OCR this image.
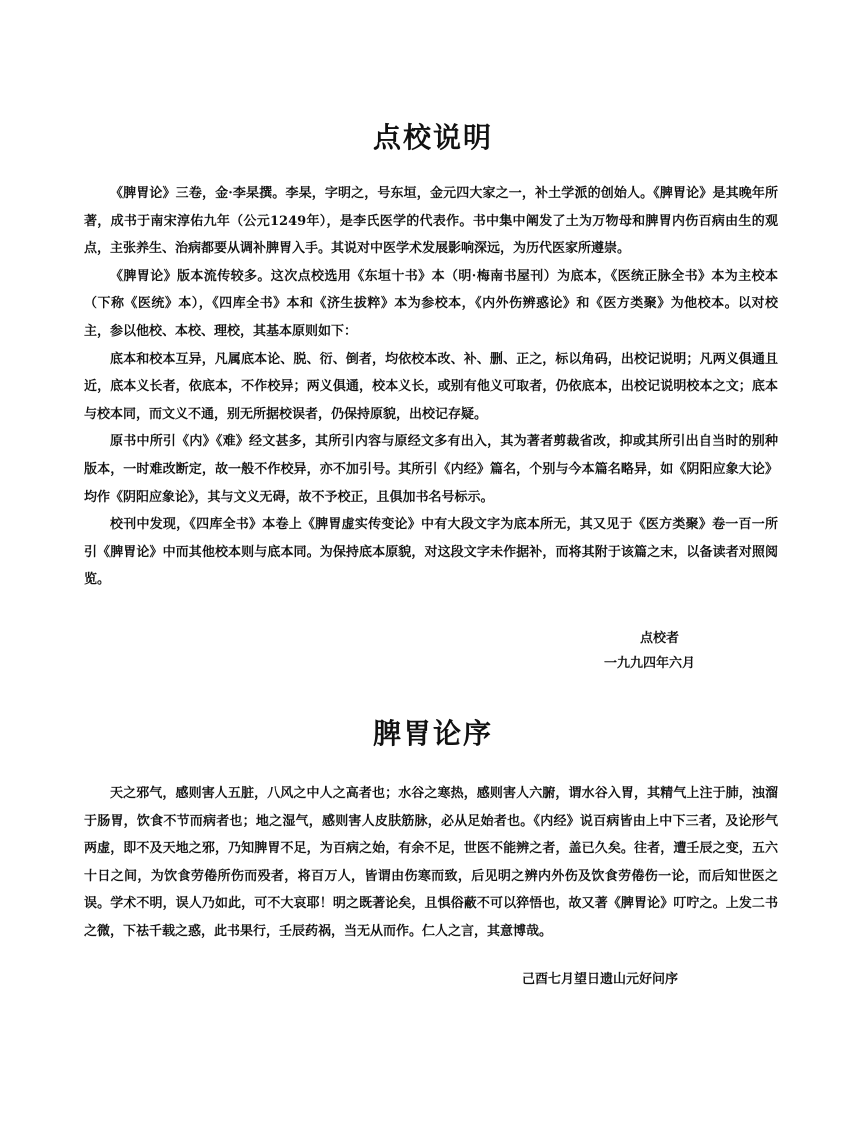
点校说明

《脾胃论》三卷，金·李杲撰。李杲，字明之，号东垣，金元四大家之一，补土学派的创始人。《脾胃论》是其晚年所著，成书于南宋淳佑九年（公元1249年），是李氏医学的代表作。书中集中阐发了土为万物母和脾胃内伤百病由生的观点，主张养生、治病都要从调补脾胃入手。其说对中医学术发展影响深远，为历代医家所遵崇。

《脾胃论》版本流传较多。这次点校选用《东垣十书》本（明·梅南书屋刊）为底本，《医统正脉全书》本为主校本（下称《医统》本），《四库全书》本和《济生拔粹》本为参校本，《内外伤辨惑论》和《医方类聚》为他校本。以对校主，参以他校、本校、理校，其基本原则如下：

底本和校本互异，凡属底本论、脱、衍、倒者，均依校本改、补、删、正之，标以角码，出校记说明；凡两义俱通且近，底本义长者，依底本，不作校异；两义俱通，校本义长，或别有他义可取者，仍依底本，出校记说明校本之文；底本与校本同，而文义不通，别无所据校误者，仍保持原貌，出校记存疑。

原书中所引《内》《难》经文甚多，其所引内容与原经文多有出入，其为著者剪裁省改，抑或其所引出自当时的别种版本，一时难改断定，故一般不作校异，亦不加引号。其所引《内经》篇名，个别与今本篇名略异，如《阴阳应象大论》均作《阴阳应象论》，其与文义无碍，故不予校正，且俱加书名号标示。

校刊中发现，《四库全书》本卷上《脾胃虚实传变论》中有大段文字为底本所无，其又见于《医方类聚》卷一百一所引《脾胃论》中而其他校本则与底本同。为保持底本原貌，对这段文字未作据补，而将其附于该篇之末，以备读者对照阅览。

点校者
一九九四年六月
脾胃论序

天之邪气，感则害人五脏，八风之中人之高者也；水谷之寒热，感则害人六腑，谓水谷入胃，其精气上注于肺，浊溜于肠胃，饮食不节而病者也；地之湿气，感则害人皮肤筋脉，必从足始者也。《内经》说百病皆由上中下三者，及论形气两虚，即不及天地之邪，乃知脾胃不足，为百病之始，有余不足，世医不能辨之者，盖已久矣。往者，遭壬辰之变，五六十日之间，为饮食劳倦所伤而殁者，将百万人，皆谓由伤寒而致，后见明之辨内外伤及饮食劳倦伤一论，而后知世医之误。学术不明，误人乃如此，可不大哀耶！明之既著论矣，且惧俗蔽不可以猝悟也，故又著《脾胃论》叮咛之。上发二书之微，下祛千载之惑，此书果行，壬辰药祸，当无从而作。仁人之言，其意博哉。

己酉七月望日遗山元好问序
